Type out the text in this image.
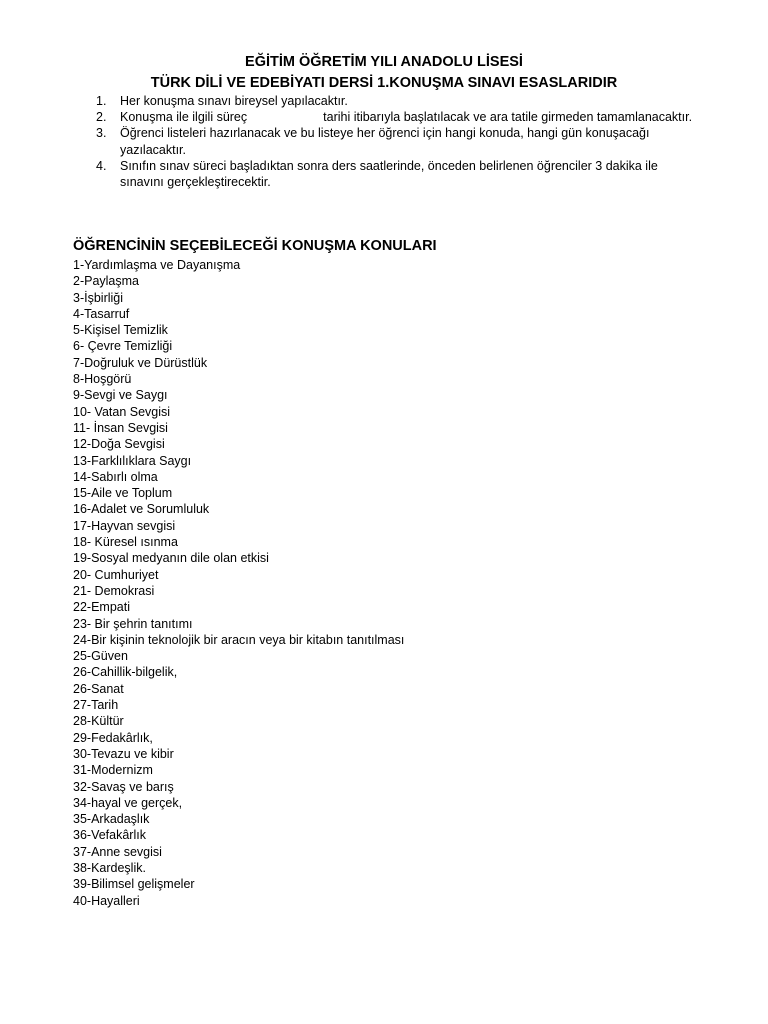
EĞİTİM ÖĞRETİM YILI ANADOLU LİSESİ
TÜRK DİLİ VE EDEBİYATI DERSİ 1.KONUŞMA SINAVI ESASLARIDIR
1. Her konuşma sınavı bireysel yapılacaktır.
2. Konuşma ile ilgili süreç	tarihi itibarıyla başlatılacak ve ara tatile girmeden tamamlanacaktır.
3. Öğrenci listeleri hazırlanacak ve bu listeye her öğrenci için hangi konuda, hangi gün konuşacağı yazılacaktır.
4. Sınıfın sınav süreci başladıktan sonra ders saatlerinde, önceden belirlenen öğrenciler 3 dakika ile sınavını gerçekleştirecektir.
ÖĞRENCİNİN SEÇEBİLECEĞİ KONUŞMA KONULARI
1-Yardımlaşma ve Dayanışma
2-Paylaşma
3-İşbirliği
4-Tasarruf
5-Kişisel Temizlik
6- Çevre Temizliği
7-Doğruluk ve Dürüstlük
8-Hoşgörü
9-Sevgi ve Saygı
10- Vatan Sevgisi
11- İnsan Sevgisi
12-Doğa Sevgisi
13-Farklılıklara Saygı
14-Sabırlı olma
15-Aile ve Toplum
16-Adalet ve Sorumluluk
17-Hayvan sevgisi
18- Küresel ısınma
19-Sosyal medyanın dile olan etkisi
20- Cumhuriyet
21- Demokrasi
22-Empati
23- Bir şehrin tanıtımı
24-Bir kişinin teknolojik bir aracın veya bir kitabın tanıtılması
25-Güven
26-Cahillik-bilgelik,
26-Sanat
27-Tarih
28-Kültür
29-Fedakârlık,
30-Tevazu ve kibir
31-Modernizm
32-Savaş ve barış
34-hayal ve gerçek,
35-Arkadaşlık
36-Vefakârlık
37-Anne sevgisi
38-Kardeşlik.
39-Bilimsel gelişmeler
40-Hayalleri
